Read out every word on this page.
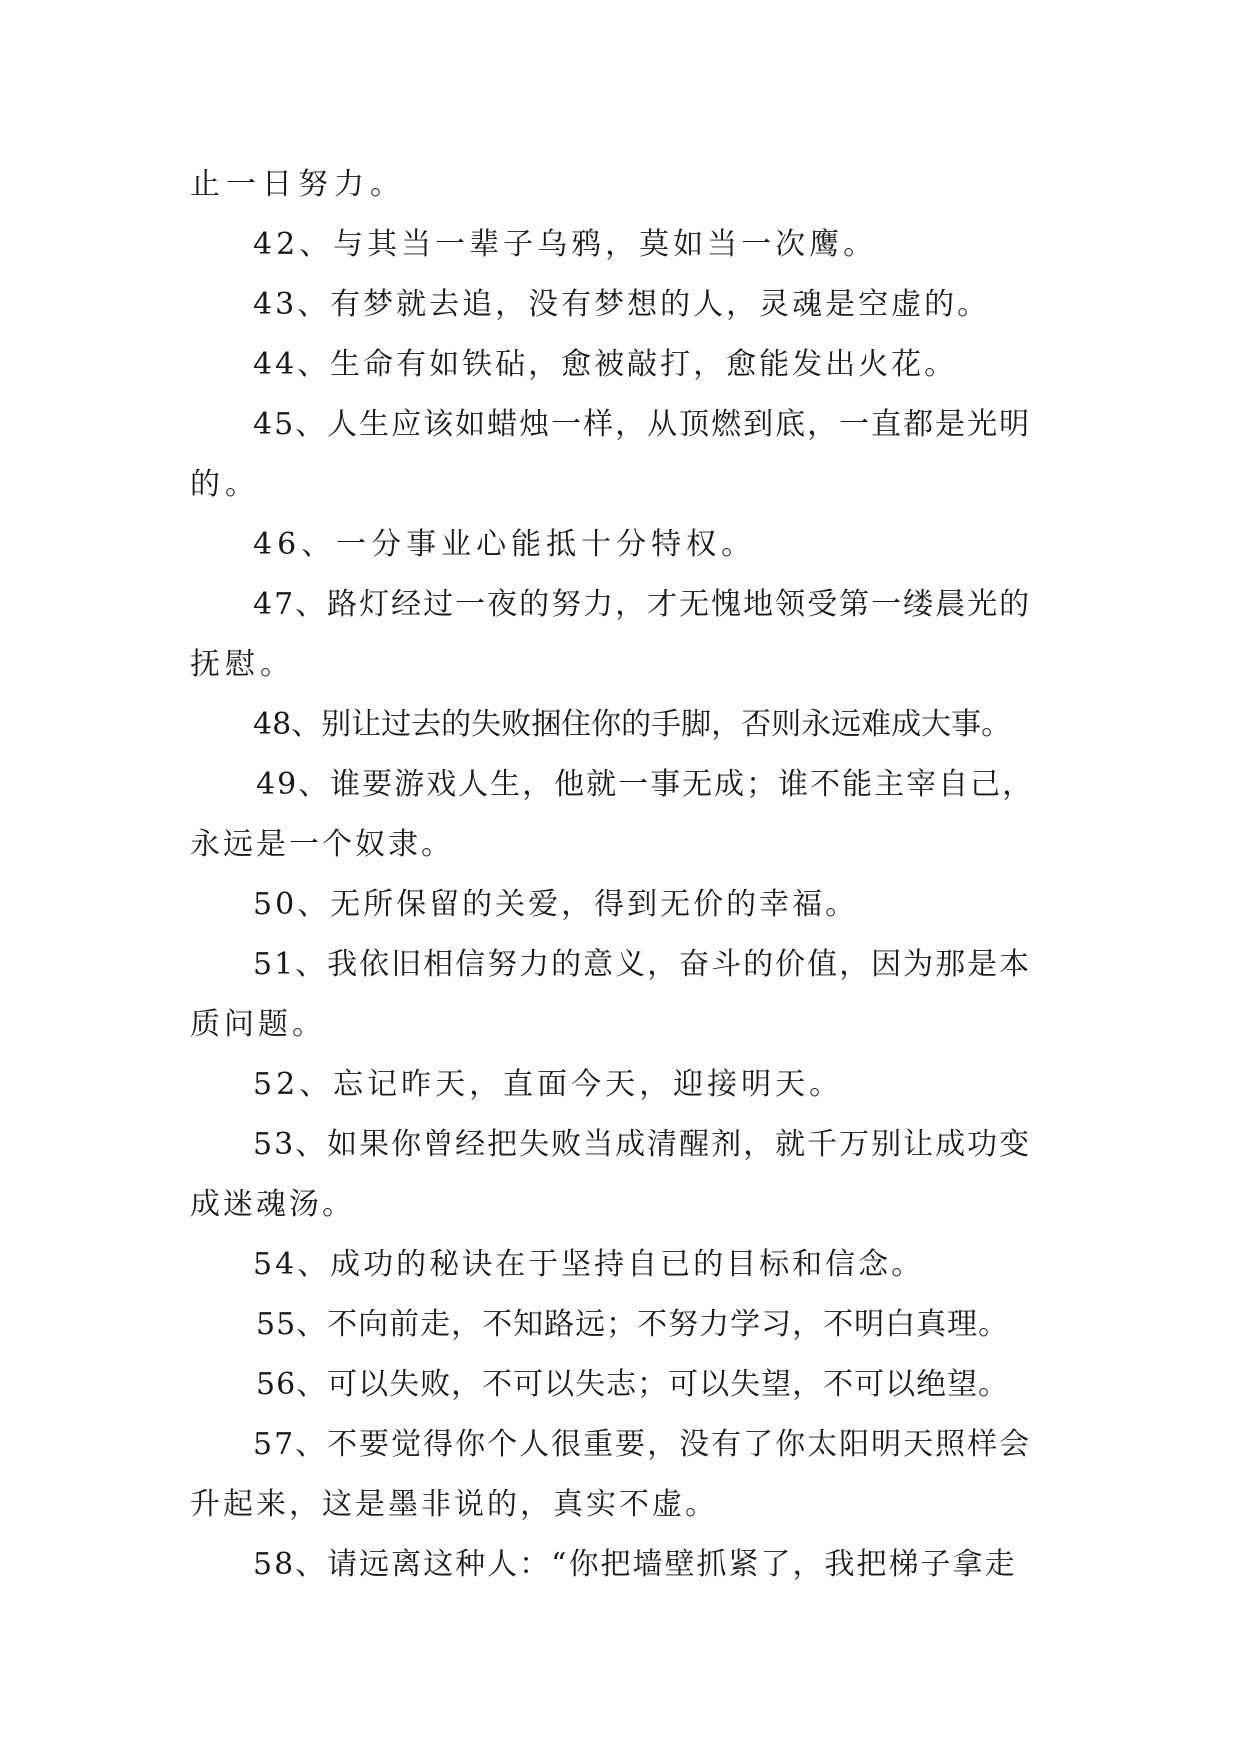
止一日努力。
42、与其当一辈子乌鸦，莫如当一次鹰。
43、有梦就去追，没有梦想的人，灵魂是空虚的。
44、生命有如铁砧，愈被敲打，愈能发出火花。
45、人生应该如蜡烛一样，从顶燃到底，一直都是光明
的。
46、一分事业心能抵十分特权。
47、路灯经过一夜的努力，才无愧地领受第一缕晨光的
抚慰。
48、别让过去的失败捆住你的手脚，否则永远难成大事。
49、谁要游戏人生，他就一事无成；谁不能主宰自己，
永远是一个奴隶。
50、无所保留的关爱，得到无价的幸福。
51、我依旧相信努力的意义，奋斗的价值，因为那是本
质问题。
52、忘记昨天，直面今天，迎接明天。
53、如果你曾经把失败当成清醒剂，就千万别让成功变
成迷魂汤。
54、成功的秘诀在于坚持自已的目标和信念。
55、不向前走，不知路远；不努力学习，不明白真理。
56、可以失败，不可以失志；可以失望，不可以绝望。
57、不要觉得你个人很重要，没有了你太阳明天照样会
升起来，这是墨非说的，真实不虚。
58、请远离这种人：“你把墙壁抓紧了，我把梯子拿走
